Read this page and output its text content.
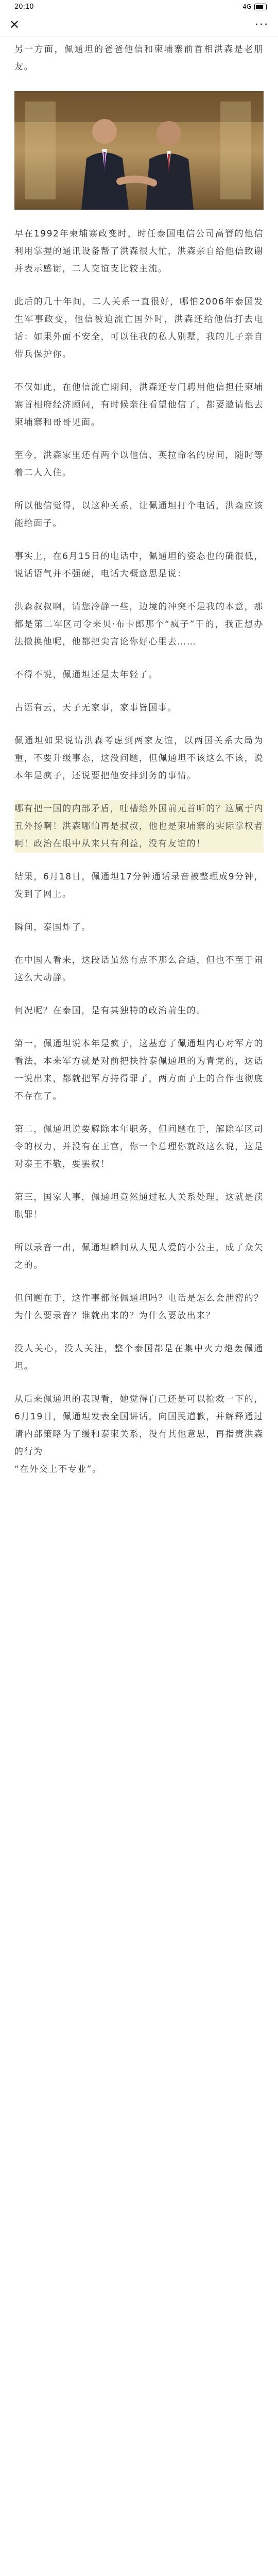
20:10	4G
✕	···

另一方面，佩通坦的爸爸他信和柬埔寨前首相洪森是老朋友。

早在1992年柬埔寨政变时，时任泰国电信公司高管的他信利用掌握的通讯设备帮了洪森很大忙，洪森亲自给他信致谢并表示感谢，二人交谊支比较主流。

此后的几十年间，二人关系一直很好，哪怕2006年泰国发生军事政变，他信被迫流亡国外时，洪森还给他信打去电话：如果外面不安全，可以住我的私人别墅，我的儿子亲自带兵保护你。

不仅如此，在他信流亡期间，洪森还专门聘用他信担任柬埔寨首相府经济顾问，有时候亲往看望他信了，都要邀请他去柬埔寨和哥哥见面。

至今，洪森家里还有两个以他信、英拉命名的房间，随时等着二人入住。

所以他信觉得，以这种关系，让佩通坦打个电话，洪森应该能给面子。

事实上，在6月15日的电话中，佩通坦的姿态也的确很低，说话语气并不强硬，电话大概意思是说：

洪森叔叔啊，请您冷静一些，边境的冲突不是我的本意，那都是第二军区司令来贝·布卡郎那个“疯子”干的，我正想办法撤换他呢，他都把尖言论你好心里去……

不得不说，佩通坦还是太年轻了。

古语有云，天子无家事，家事皆国事。

佩通坦如果说请洪森考虑到两家友谊，以两国关系大局为重，不要升级事态，这没问题，但佩通坦不该这么不该，说本年是疯子，还说要把他安排到务的事情。

哪有把一国的内部矛盾，吐槽给外国前元首听的？这属于内丑外扬啊！洪森哪怕再是叔叔，他也是柬埔寨的实际掌权者啊！政治在眼中从来只有利益，没有友谊的！

结果，6月18日，佩通坦17分钟通话录音被整理成9分钟，发到了网上。

瞬间，泰国炸了。

在中国人看来，这段话虽然有点不那么合适，但也不至于闹这么大动静。

何况呢？在泰国，是有其独特的政治前生的。

第一，佩通坦说本年是疯子，这基意了佩通坦内心对军方的看法，本来军方就是对前把扶持泰佩通坦的为青党的，这话一说出来，都就把军方持得罪了，两方面子上的合作也彻底不存在了。

第二，佩通坦说要解除本年职务，但问题在于，解除军区司令的权力，并没有在王宫，你一个总理你就敢这么说，这是对泰王不敬，要罢权！

第三，国家大事，佩通坦竟然通过私人关系处理，这就是渎职罪！

所以录音一出，佩通坦瞬间从人见人爱的小公主，成了众矢之的。

但问题在于，这件事都怪佩通坦吗？电话是怎么会泄密的？为什么要录音？谁就出来的？为什么要放出来？

没人关心，没人关注，整个泰国都是在集中火力炮轰佩通坦。

从后来佩通坦的表现看，她觉得自己还是可以抢救一下的，6月19日，佩通坦发表全国讲话，向国民道歉，并解释通过请内部策略为了缓和泰柬关系，没有其他意思，再指责洪森的行为

“在外交上不专业”。
